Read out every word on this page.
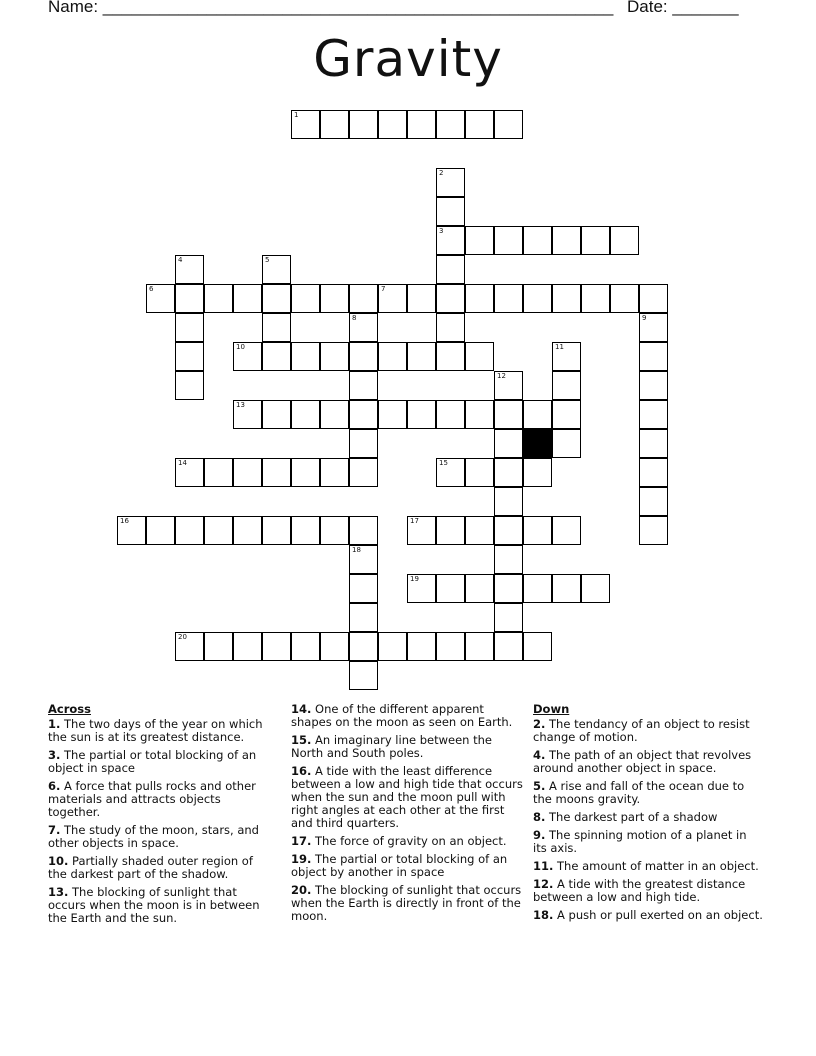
Name: ______________________________________________________ Date: _______
Gravity
1
2
3
4	5
6	7
8	9
10	11
12
13
14	15
16	17
18
19
20
Across
1. The two days of the year on which the sun is at its greatest distance.
3. The partial or total blocking of an object in space
6. A force that pulls rocks and other materials and attracts objects together.
7. The study of the moon, stars, and other objects in space.
10. Partially shaded outer region of the darkest part of the shadow.
13. The blocking of sunlight that occurs when the moon is in between the Earth and the sun.
14. One of the different apparent shapes on the moon as seen on Earth.
15. An imaginary line between the North and South poles.
16. A tide with the least difference between a low and high tide that occurs when the sun and the moon pull with right angles at each other at the first and third quarters.
17. The force of gravity on an object.
19. The partial or total blocking of an object by another in space
20. The blocking of sunlight that occurs when the Earth is directly in front of the moon.
Down
2. The tendancy of an object to resist change of motion.
4. The path of an object that revolves around another object in space.
5. A rise and fall of the ocean due to the moons gravity.
8. The darkest part of a shadow
9. The spinning motion of a planet in its axis.
11. The amount of matter in an object.
12. A tide with the greatest distance between a low and high tide.
18. A push or pull exerted on an object.
